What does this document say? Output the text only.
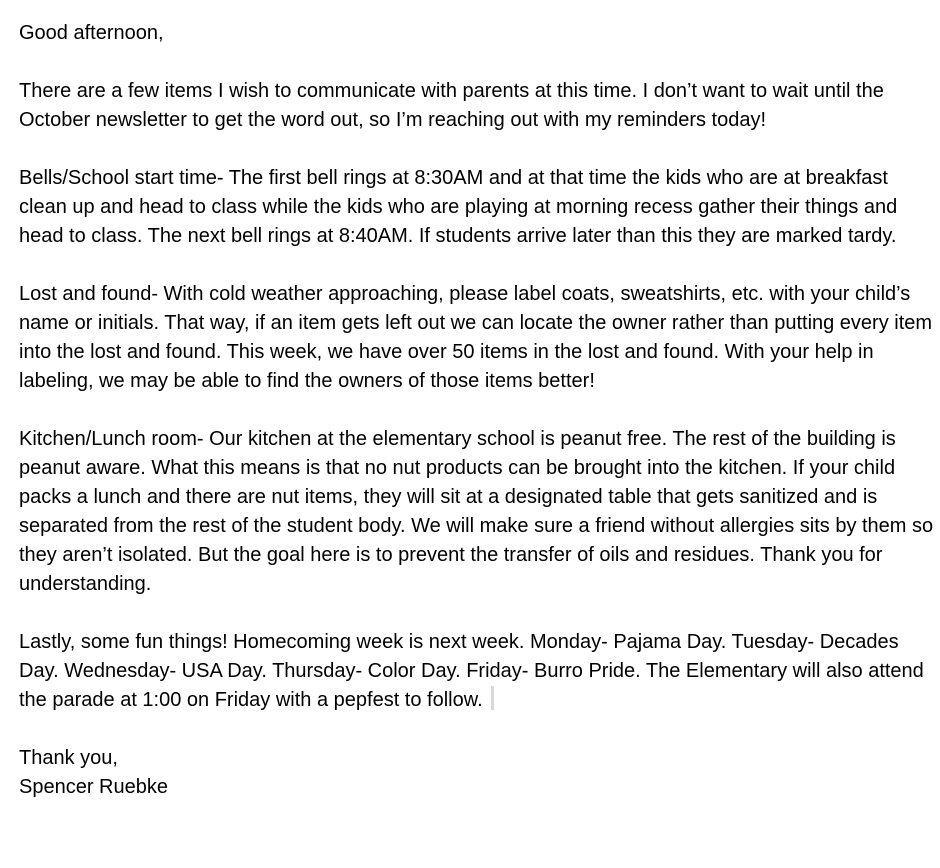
Good afternoon,

There are a few items I wish to communicate with parents at this time. I don’t want to wait until the October newsletter to get the word out, so I’m reaching out with my reminders today!

Bells/School start time- The first bell rings at 8:30AM and at that time the kids who are at breakfast clean up and head to class while the kids who are playing at morning recess gather their things and head to class. The next bell rings at 8:40AM. If students arrive later than this they are marked tardy.

Lost and found- With cold weather approaching, please label coats, sweatshirts, etc. with your child’s name or initials. That way, if an item gets left out we can locate the owner rather than putting every item into the lost and found. This week, we have over 50 items in the lost and found. With your help in labeling, we may be able to find the owners of those items better!

Kitchen/Lunch room- Our kitchen at the elementary school is peanut free. The rest of the building is peanut aware. What this means is that no nut products can be brought into the kitchen. If your child packs a lunch and there are nut items, they will sit at a designated table that gets sanitized and is separated from the rest of the student body. We will make sure a friend without allergies sits by them so they aren’t isolated. But the goal here is to prevent the transfer of oils and residues. Thank you for understanding.

Lastly, some fun things! Homecoming week is next week. Monday- Pajama Day. Tuesday- Decades Day. Wednesday- USA Day. Thursday- Color Day. Friday- Burro Pride. The Elementary will also attend the parade at 1:00 on Friday with a pepfest to follow.

Thank you,
Spencer Ruebke
